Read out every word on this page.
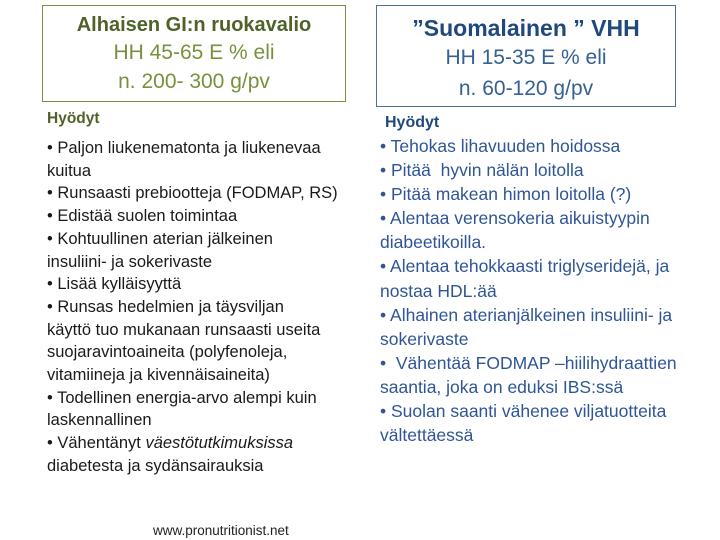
Alhaisen GI:n ruokavalio
HH 45-65 E % eli
n. 200- 300 g/pv
”Suomalainen ” VHH
HH 15-35 E % eli
n. 60-120 g/pv
Hyödyt
• Paljon liukenematonta ja liukenevaa
kuitua
• Runsaasti prebiootteja (FODMAP, RS)
• Edistää suolen toimintaa
• Kohtuullinen aterian jälkeinen
insuliini- ja sokerivaste
• Lisää kylläisyyttä
• Runsas hedelmien ja täysviljan
käyttö tuo mukanaan runsaasti useita
suojaravintoaineita (polyfenoleja,
vitamiineja ja kivennäisaineita)
• Todellinen energia-arvo alempi kuin
laskennallinen
• Vähentänyt väestötutkimuksissa
diabetesta ja sydänsairauksia
Hyödyt
• Tehokas lihavuuden hoidossa
• Pitää  hyvin nälän loitolla
• Pitää makean himon loitolla (?)
• Alentaa verensokeria aikuistyypin
diabeetikoilla.
• Alentaa tehokkaasti triglyseridejä, ja
nostaa HDL:ää
• Alhainen aterianjälkeinen insuliini- ja
sokerivaste
•  Vähentää FODMAP –hiilihydraattien
saantia, joka on eduksi IBS:ssä
• Suolan saanti vähenee viljatuotteita
vältettäessä
www.pronutritionist.net
